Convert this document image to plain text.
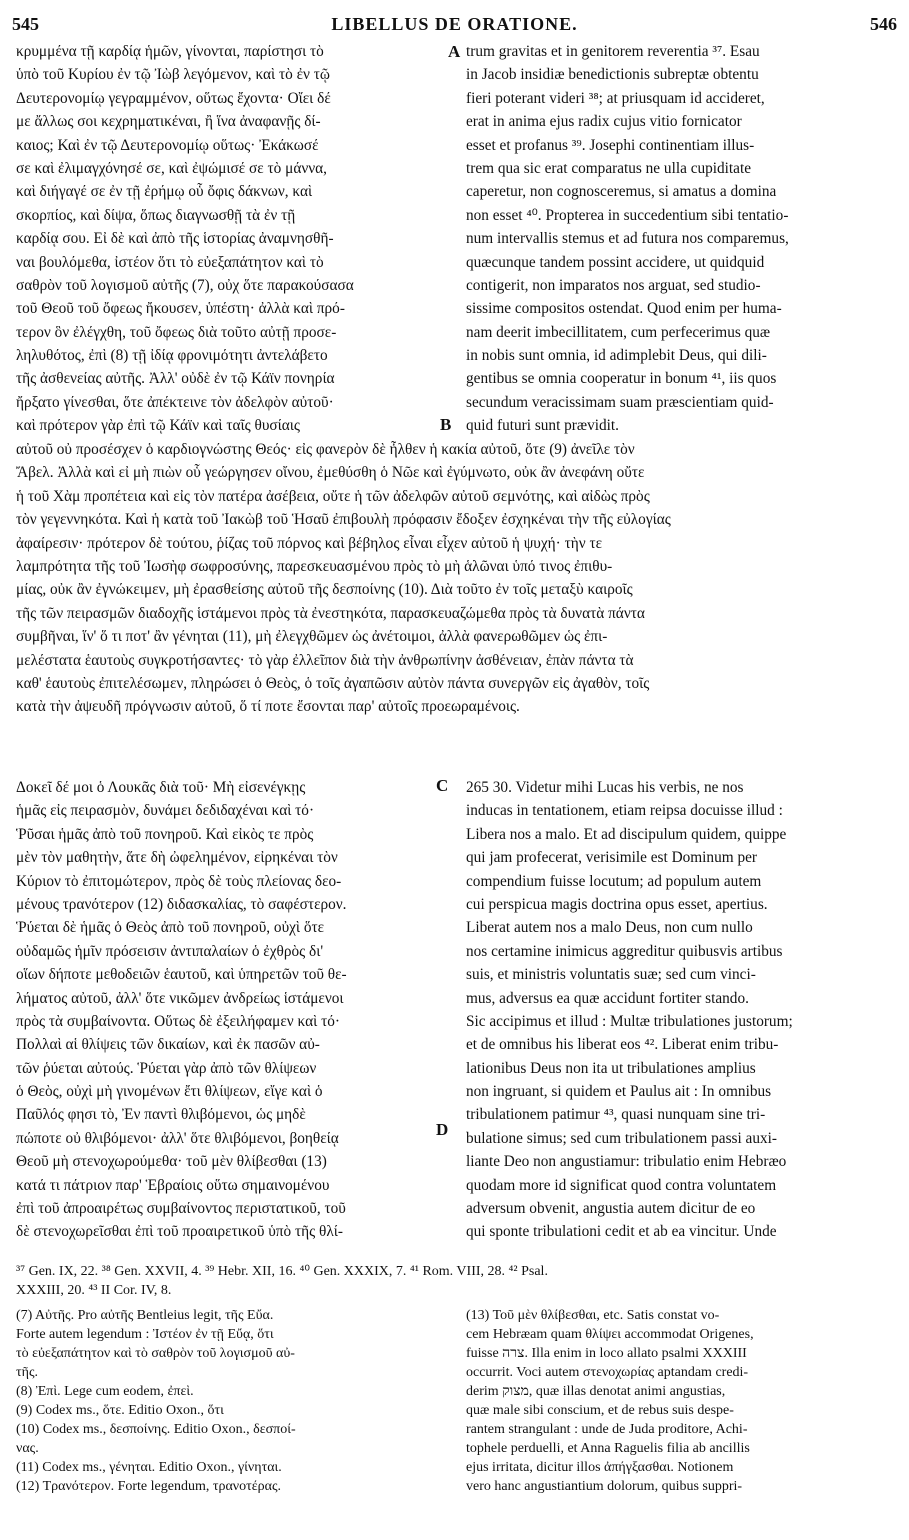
545	LIBELLUS DE ORATIONE.	546
κρυμμένα τῇ καρδίᾳ ἡμῶν, γίνονται, παρίστησι τὸ
ὑπὸ τοῦ Κυρίου ἐν τῷ Ἰὼβ λεγόμενον, καὶ τὸ ἐν τῷ
Δευτερονομίῳ γεγραμμένον, οὕτως ἔχοντα· Οἴει δέ
με ἄλλως σοι κεχρηματικέναι, ἢ ἵνα ἀναφανῇς δί-
καιος; Καὶ ἐν τῷ Δευτερονομίῳ οὕτως· Ἐκάκωσέ
σε καὶ ἐλιμαγχόνησέ σε, καὶ ἐψώμισέ σε τὸ μάννα,
καὶ διήγαγέ σε ἐν τῇ ἐρήμῳ οὗ ὄφις δάκνων, καὶ
σκορπίος, καὶ δίψα, ὅπως διαγνωσθῇ τὰ ἐν τῇ
καρδίᾳ σου. Εἰ δὲ καὶ ἀπὸ τῆς ἱστορίας ἀναμνησθῆ-
ναι βουλόμεθα, ἰστέον ὅτι τὸ εὐεξαπάτητον καὶ τὸ
σαθρὸν τοῦ λογισμοῦ αὐτῆς (7), οὐχ ὅτε παρακούσασα
τοῦ Θεοῦ τοῦ ὄφεως ἤκουσεν, ὑπέστη· ἀλλὰ καὶ πρό-
τερον ὃν ἐλέγχθη, τοῦ ὄφεως διὰ τοῦτο αὐτῇ προσε-
ληλυθότος, ἐπὶ (8) τῇ ἰδίᾳ φρονιμότητι ἀντελάβετο
τῆς ἀσθενείας αὐτῆς. Ἀλλ' οὐδὲ ἐν τῷ Κάϊν πονηρία
ἤρξατο γίνεσθαι, ὅτε ἀπέκτεινε τὸν ἀδελφὸν αὐτοῦ·
καὶ πρότερον γὰρ ἐπὶ τῷ Κάϊν καὶ ταῖς θυσίαις
trum gravitas et in genitorem reverentia ³⁷. Esau
in Jacob insidiæ benedictionis subreptæ obtentu
fieri poterant videri ³⁸; at priusquam id accideret,
erat in anima ejus radix cujus vitio fornicator
esset et profanus ³⁹. Josephi continentiam illus-
trem qua sic erat comparatus ne ulla cupiditate
caperetur, non cognosceremus, si amatus a domina
non esset ⁴⁰. Propterea in succedentium sibi tentatio-
num intervallis stemus et ad futura nos comparemus,
quæcunque tandem possint accidere, ut quidquid
contigerit, non imparatos nos arguat, sed studio-
sissime compositos ostendat. Quod enim per huma-
nam deerit imbecillitatem, cum perfecerimus quæ
in nobis sunt omnia, id adimplebit Deus, qui dili-
gentibus se omnia cooperatur in bonum ⁴¹, iis quos
secundum veracissimam suam præscientiam quid-
quid futuri sunt prævidit.
A
B
C
D
αὐτοῦ οὐ προσέσχεν ὁ καρδιογνώστης Θεός· εἰς φανερὸν δὲ ἦλθεν ἡ κακία αὐτοῦ, ὅτε (9) ἀνεῖλε τὸν
Ἄβελ. Ἀλλὰ καὶ εἰ μὴ πιὼν οὗ γεώργησεν οἴνου, ἐμεθύσθη ὁ Νῶε καὶ ἐγύμνωτο, οὐκ ἂν ἀνεφάνη οὔτε
ἡ τοῦ Χὰμ προπέτεια καὶ εἰς τὸν πατέρα ἀσέβεια, οὔτε ἡ τῶν ἀδελφῶν αὐτοῦ σεμνότης, καὶ αἰδὼς πρὸς
τὸν γεγεννηκότα. Καὶ ἡ κατὰ τοῦ Ἰακὼβ τοῦ Ἡσαῦ ἐπιβουλὴ πρόφασιν ἔδοξεν ἐσχηκέναι τὴν τῆς εὐλογίας
ἀφαίρεσιν· πρότερον δὲ τούτου, ῥίζας τοῦ πόρνος καὶ βέβηλος εἶναι εἶχεν αὐτοῦ ἡ ψυχή· τὴν τε
λαμπρότητα τῆς τοῦ Ἰωσὴφ σωφροσύνης, παρεσκευασμένου πρὸς τὸ μὴ ἁλῶναι ὑπό τινος ἐπιθυ-
μίας, οὐκ ἂν ἐγνώκειμεν, μὴ ἐρασθείσης αὐτοῦ τῆς δεσποίνης (10). Διὰ τοῦτο ἐν τοῖς μεταξὺ καιροῖς
τῆς τῶν πειρασμῶν διαδοχῆς ἱστάμενοι πρὸς τὰ ἐνεστηκότα, παρασκευαζώμεθα πρὸς τὰ δυνατὰ πάντα
συμβῆναι, ἵν' ὅ τι ποτ' ἂν γένηται (11), μὴ ἐλεγχθῶμεν ὡς ἀνέτοιμοι, ἀλλὰ φανερωθῶμεν ὡς ἐπι-
μελέστατα ἑαυτοὺς συγκροτήσαντες· τὸ γὰρ ἐλλεῖπον διὰ τὴν ἀνθρωπίνην ἀσθένειαν, ἐπὰν πάντα τὰ
καθ' ἑαυτοὺς ἐπιτελέσωμεν, πληρώσει ὁ Θεὸς, ὁ τοῖς ἀγαπῶσιν αὐτὸν πάντα συνεργῶν εἰς ἀγαθὸν, τοῖς
κατὰ τὴν ἀψευδῆ πρόγνωσιν αὐτοῦ, ὅ τί ποτε ἔσονται παρ' αὐτοῖς προεωραμένοις.
Δοκεῖ δέ μοι ὁ Λουκᾶς διὰ τοῦ· Μὴ εἰσενέγκῃς
ἡμᾶς εἰς πειρασμὸν, δυνάμει δεδιδαχέναι καὶ τό·
Ῥῦσαι ἡμᾶς ἀπὸ τοῦ πονηροῦ. Καὶ εἰκὸς τε πρὸς
μὲν τὸν μαθητὴν, ἅτε δὴ ὠφελημένον, εἰρηκέναι τὸν
Κύριον τὸ ἐπιτομώτερον, πρὸς δὲ τοὺς πλείονας δεο-
μένους τρανότερον (12) διδασκαλίας, τὸ σαφέστερον.
Ῥύεται δὲ ἡμᾶς ὁ Θεὸς ἀπὸ τοῦ πονηροῦ, οὐχὶ ὅτε
οὐδαμῶς ἡμῖν πρόσεισιν ἀντιπαλαίων ὁ ἐχθρὸς δι'
οἵων δήποτε μεθοδειῶν ἑαυτοῦ, καὶ ὑπηρετῶν τοῦ θε-
λήματος αὐτοῦ, ἀλλ' ὅτε νικῶμεν ἀνδρείως ἱστάμενοι
πρὸς τὰ συμβαίνοντα. Οὕτως δὲ ἐξειλήφαμεν καὶ τό·
Πολλαὶ αἱ θλίψεις τῶν δικαίων, καὶ ἐκ πασῶν αὐ-
τῶν ῥύεται αὐτούς. Ῥύεται γὰρ ἀπὸ τῶν θλίψεων
ὁ Θεὸς, οὐχὶ μὴ γινομένων ἔτι θλίψεων, εἴγε καὶ ὁ
Παῦλός φησι τὸ, Ἐν παντὶ θλιβόμενοι, ὡς μηδὲ
πώποτε οὐ θλιβόμενοι· ἀλλ' ὅτε θλιβόμενοι, βοηθείᾳ
Θεοῦ μὴ στενοχωρούμεθα· τοῦ μὲν θλίβεσθαι (13)
κατά τι πάτριον παρ' Ἑβραίοις οὕτω σημαινομένου
ἐπὶ τοῦ ἀπροαιρέτως συμβαίνοντος περιστατικοῦ, τοῦ
δὲ στενοχωρεῖσθαι ἐπὶ τοῦ προαιρετικοῦ ὑπὸ τῆς θλί-
265 30. Videtur mihi Lucas his verbis, ne nos
inducas in tentationem, etiam reipsa docuisse illud :
Libera nos a malo. Et ad discipulum quidem, quippe
qui jam profecerat, verisimile est Dominum per
compendium fuisse locutum; ad populum autem
cui perspicua magis doctrina opus esset, apertius.
Liberat autem nos a malo Deus, non cum nullo
nos certamine inimicus aggreditur quibusvis artibus
suis, et ministris voluntatis suæ; sed cum vinci-
mus, adversus ea quæ accidunt fortiter stando.
Sic accipimus et illud : Multæ tribulationes justorum;
et de omnibus his liberat eos ⁴². Liberat enim tribu-
lationibus Deus non ita ut tribulationes amplius
non ingruant, si quidem et Paulus ait : In omnibus
tribulationem patimur ⁴³, quasi nunquam sine tri-
bulatione simus; sed cum tribulationem passi auxi-
liante Deo non angustiamur: tribulatio enim Hebræo
quodam more id significat quod contra voluntatem
adversum obvenit, angustia autem dicitur de eo
qui sponte tribulationi cedit et ab ea vincitur. Unde
³⁷ Gen. IX, 22. ³⁸ Gen. XXVII, 4. ³⁹ Hebr. XII, 16. ⁴⁰ Gen. XXXIX, 7. ⁴¹ Rom. VIII, 28. ⁴² Psal.
XXXIII, 20. ⁴³ II Cor. IV, 8.
(7) Αὐτῆς. Pro αὐτῆς Bentleius legit, τῆς Εὔα.
Forte autem legendum : Ἰστέον ἐν τῇ Εὔᾳ, ὅτι
τὸ εὐεξαπάτητον καὶ τὸ σαθρὸν τοῦ λογισμοῦ αὐ-
τῆς.
(8) Ἐπὶ. Lege cum eodem, ἐπεὶ.
(9) Codex ms., ὅτε. Editio Oxon., ὅτι
(10) Codex ms., δεσποίνης. Editio Oxon., δεσποί-
νας.
(11) Codex ms., γένηται. Editio Oxon., γίνηται.
(12) Τρανότερον. Forte legendum, τρανοτέρας.
(13) Τοῦ μὲν θλίβεσθαι, etc. Satis constat vo-
cem Hebræam quam θλίψει accommodat Origenes,
fuisse צרה. Illa enim in loco allato psalmi XXXIII
occurrit. Voci autem στενοχωρίας aptandam credi-
derim מצוק, quæ illas denotat animi angustias,
quæ male sibi conscium, et de rebus suis despe-
rantem strangulant : unde de Juda proditore, Achi-
tophele perduelli, et Anna Raguelis filia ab ancillis
ejus irritata, dicitur illos ἀπήγξασθαι. Notionem
vero hanc angustiantium dolorum, quibus suppri-
